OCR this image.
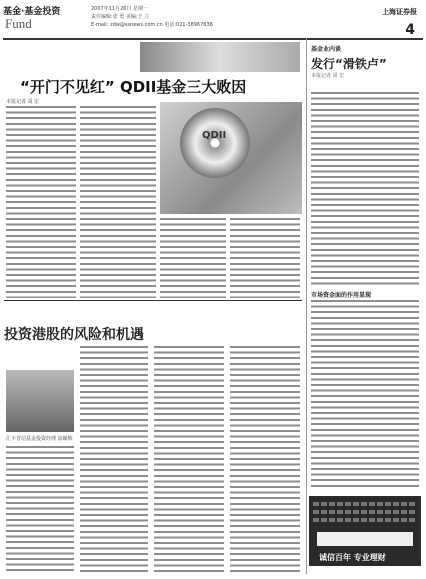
基金·基金投资
Fund
2007年11月26日 星期一
责任编辑:张 勇 美编:于 立
E-mail: zdw@ssnews.com.cn 电话:021-38967638
上海证券报
4
“开门不见红” QDII基金三大败因
本报记者 周 宏
QDII
投资港股的风险和机遇
汇丰晋信基金投资经理 涂颖辉
基金业内谈
发行“滑铁卢”
本报记者 周 宏
市场资金面的作用显现
诚信百年 专业理财
